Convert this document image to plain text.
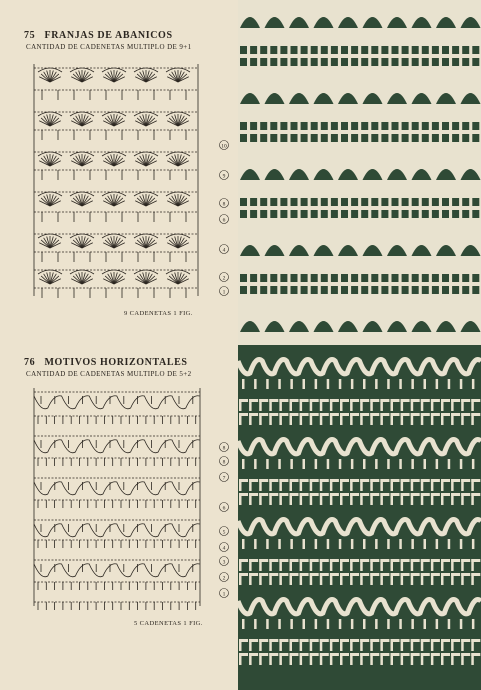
75 FRANJAS DE ABANICOS
CANTIDAD DE CADENETAS MULTIPLO DE 9+1
10
9
8
6
4
2
1
9 CADENETAS 1 FIG.
76 MOTIVOS HORIZONTALES
CANTIDAD DE CADENETAS MULTIPLO DE 5+2
8
8
7
6
5
4
3
2
1
5 CADENETAS 1 FIG.
